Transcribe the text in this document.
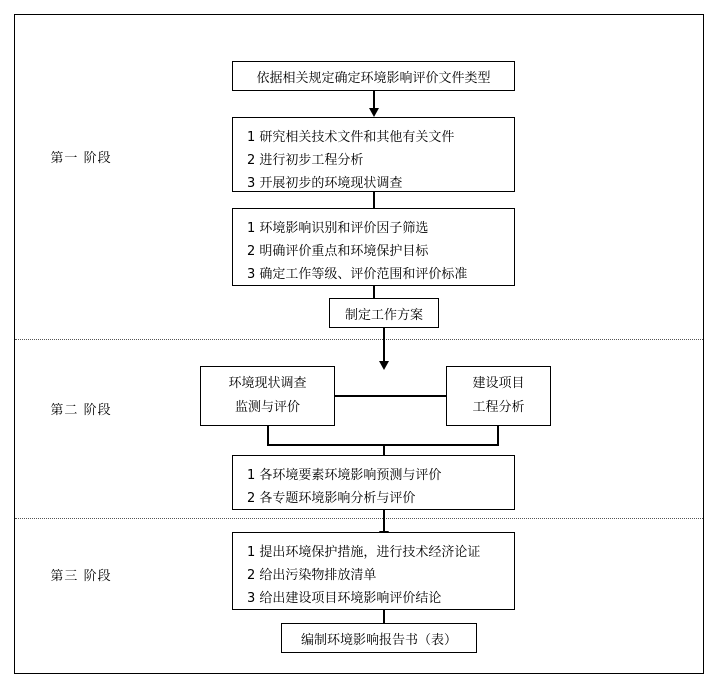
第一 阶段
第二 阶段
第三 阶段
依据相关规定确定环境影响评价文件类型
1 研究相关技术文件和其他有关文件
2 进行初步工程分析
3 开展初步的环境现状调查
1 环境影响识别和评价因子筛选
2 明确评价重点和环境保护目标
3 确定工作等级、评价范围和评价标准
制定工作方案
环境现状调查
监测与评价
建设项目
工程分析
1 各环境要素环境影响预测与评价
2 各专题环境影响分析与评价
1 提出环境保护措施，进行技术经济论证
2 给出污染物排放清单
3 给出建设项目环境影响评价结论
编制环境影响报告书（表）
